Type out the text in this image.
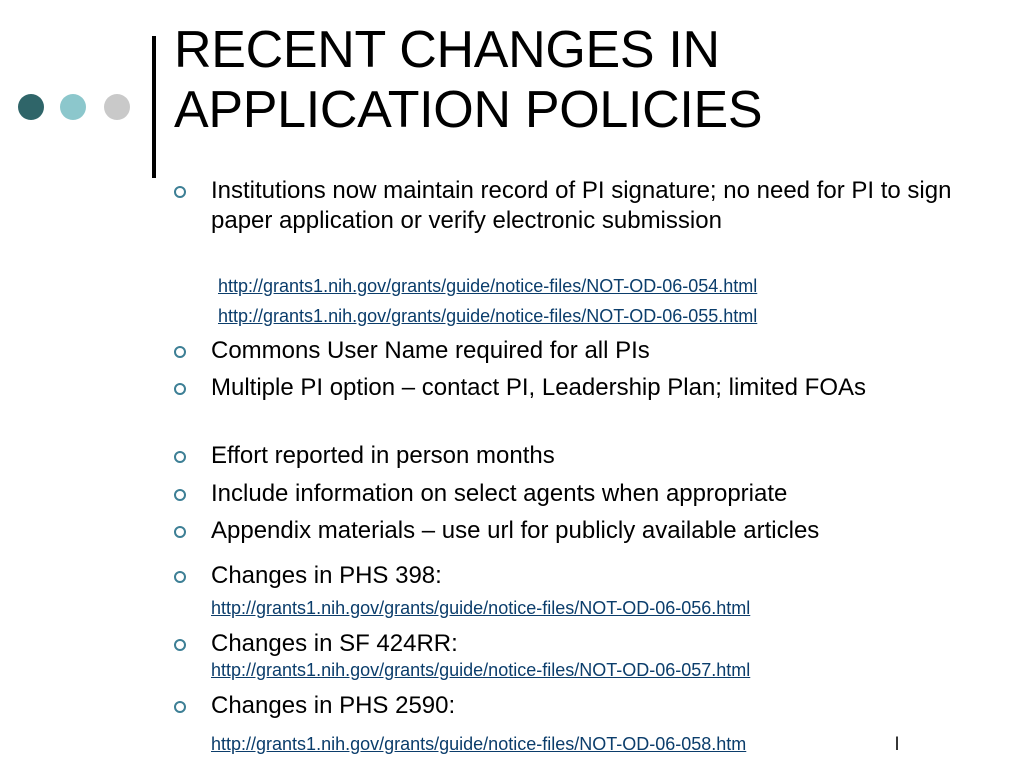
RECENT CHANGES IN
APPLICATION POLICIES
Institutions now maintain record of PI signature; no need for PI to sign paper application or verify electronic submission
http://grants1.nih.gov/grants/guide/notice-files/NOT-OD-06-054.html
http://grants1.nih.gov/grants/guide/notice-files/NOT-OD-06-055.html
Commons User Name required for all PIs
Multiple PI option – contact PI, Leadership Plan; limited FOAs
Effort reported in person months
Include information on select agents when appropriate
Appendix materials – use url for publicly available articles
Changes in PHS 398:
http://grants1.nih.gov/grants/guide/notice-files/NOT-OD-06-056.html
Changes in SF 424RR:
http://grants1.nih.gov/grants/guide/notice-files/NOT-OD-06-057.html
Changes in PHS 2590:
http://grants1.nih.gov/grants/guide/notice-files/NOT-OD-06-058.htm	l
